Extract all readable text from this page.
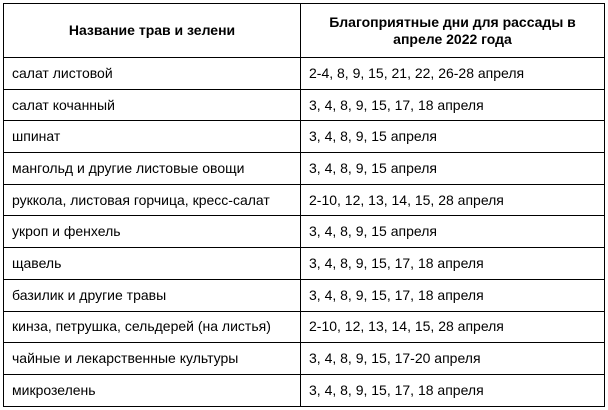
Название трав и зелени	Благоприятные дни для рассады в апреле 2022 года
салат листовой	2-4, 8, 9, 15, 21, 22, 26-28 апреля
салат кочанный	3, 4, 8, 9, 15, 17, 18 апреля
шпинат	3, 4, 8, 9, 15 апреля
мангольд и другие листовые овощи	3, 4, 8, 9, 15 апреля
руккола, листовая горчица, кресс-салат	2-10, 12, 13, 14, 15, 28 апреля
укроп и фенхель	3, 4, 8, 9, 15 апреля
щавель	3, 4, 8, 9, 15, 17, 18 апреля
базилик и другие травы	3, 4, 8, 9, 15, 17, 18 апреля
кинза, петрушка, сельдерей (на листья)	2-10, 12, 13, 14, 15, 28 апреля
чайные и лекарственные культуры	3, 4, 8, 9, 15, 17-20 апреля
микрозелень	3, 4, 8, 9, 15, 17, 18 апреля
